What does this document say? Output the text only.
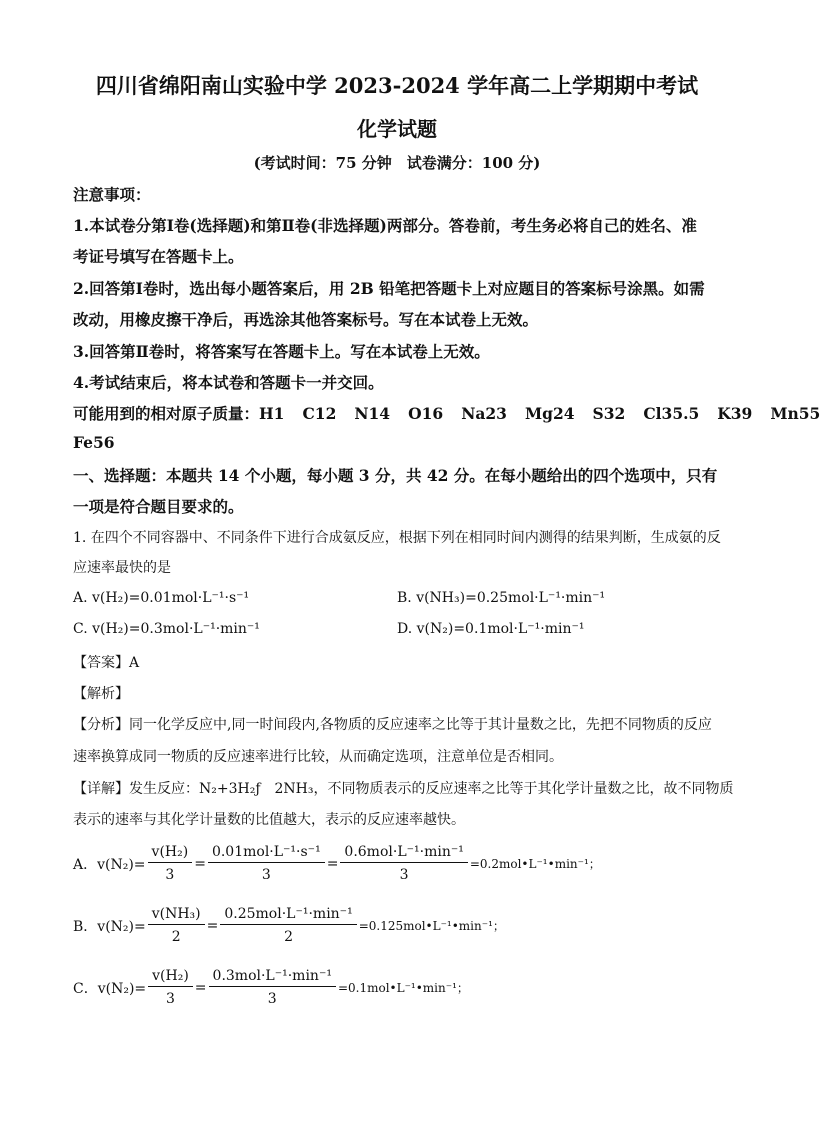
四川省绵阳南山实验中学 2023-2024 学年高二上学期期中考试
化学试题
(考试时间：75 分钟　试卷满分：100 分)
注意事项：
1.本试卷分第Ⅰ卷(选择题)和第Ⅱ卷(非选择题)两部分。答卷前，考生务必将自己的姓名、准
考证号填写在答题卡上。
2.回答第Ⅰ卷时，选出每小题答案后，用 2B 铅笔把答题卡上对应题目的答案标号涂黑。如需
改动，用橡皮擦干净后，再选涂其他答案标号。写在本试卷上无效。
3.回答第Ⅱ卷时，将答案写在答题卡上。写在本试卷上无效。
4.考试结束后，将本试卷和答题卡一并交回。
可能用到的相对原子质量：H1 C12 N14 O16 Na23 Mg24 S32 Cl35.5 K39 Mn55
Fe56
一、选择题：本题共 14 个小题，每小题 3 分，共 42 分。在每小题给出的四个选项中，只有
一项是符合题目要求的。
1. 在四个不同容器中、不同条件下进行合成氨反应，根据下列在相同时间内测得的结果判断，生成氨的反
应速率最快的是
A. v(H₂)=0.01mol·L⁻¹·s⁻¹	B. v(NH₃)=0.25mol·L⁻¹·min⁻¹
C. v(H₂)=0.3mol·L⁻¹·min⁻¹	D. v(N₂)=0.1mol·L⁻¹·min⁻¹
【答案】A
【解析】
【分析】同一化学反应中,同一时间段内,各物质的反应速率之比等于其计量数之比，先把不同物质的反应
速率换算成同一物质的反应速率进行比较，从而确定选项，注意单位是否相同。
【详解】发生反应：N₂+3H₂ƒ　2NH₃，不同物质表示的反应速率之比等于其化学计量数之比，故不同物质
表示的速率与其化学计量数的比值越大，表示的反应速率越快。
A．$v(N_2)= \frac{\text{v(H₂)}}{3} = \frac{\text{0.01mol·L⁻¹·s⁻¹}}{3} = \frac{\text{0.6mol·L⁻¹·min⁻¹}}{3}$ =0.2mol•L⁻¹•min⁻¹；
B．$v(N_2)= \frac{\text{v(NH₃)}}{2} = \frac{\text{0.25mol·L⁻¹·min⁻¹}}{2}$ =0.125mol•L⁻¹•min⁻¹；
C．$v(N_2)= \frac{\text{v(H₂)}}{3} = \frac{\text{0.3mol·L⁻¹·min⁻¹}}{3}$ =0.1mol•L⁻¹•min⁻¹；
